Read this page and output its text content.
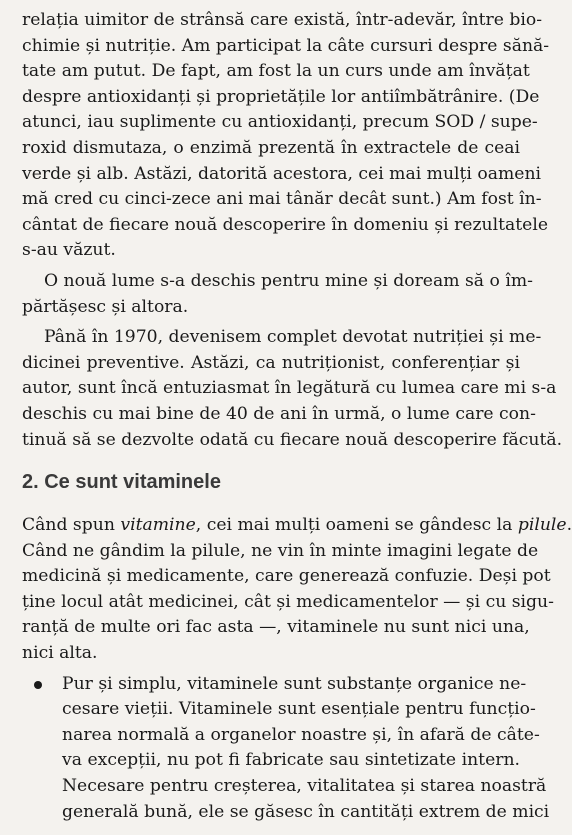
relația uimitor de strânsă care există, într-adevăr, între bio-
chimie și nutriție. Am participat la câte cursuri despre sănă-
tate am putut. De fapt, am fost la un curs unde am învățat
despre antioxidanți și proprietățile lor antiîmbătrânire. (De
atunci, iau suplimente cu antioxidanți, precum SOD / supe-
roxid dismutaza, o enzimă prezentă în extractele de ceai
verde și alb. Astăzi, datorită acestora, cei mai mulți oameni
mă cred cu cinci-zece ani mai tânăr decât sunt.) Am fost în-
cântat de fiecare nouă descoperire în domeniu și rezultatele
s-au văzut.
O nouă lume s-a deschis pentru mine și doream să o îm-
părtășesc și altora.
Până în 1970, devenisem complet devotat nutriției și me-
dicinei preventive. Astăzi, ca nutriționist, conferențiar și
autor, sunt încă entuziasmat în legătură cu lumea care mi s-a
deschis cu mai bine de 40 de ani în urmă, o lume care con-
tinuă să se dezvolte odată cu fiecare nouă descoperire făcută.
2. Ce sunt vitaminele
Când spun vitamine, cei mai mulți oameni se gândesc la pilule.
Când ne gândim la pilule, ne vin în minte imagini legate de
medicină și medicamente, care generează confuzie. Deși pot
ține locul atât medicinei, cât și medicamentelor — și cu sigu-
ranță de multe ori fac asta —, vitaminele nu sunt nici una,
nici alta.
Pur și simplu, vitaminele sunt substanțe organice ne-
cesare vieții. Vitaminele sunt esențiale pentru funcțio-
narea normală a organelor noastre și, în afară de câte-
va excepții, nu pot fi fabricate sau sintetizate intern.
Necesare pentru creșterea, vitalitatea și starea noastră
generală bună, ele se găsesc în cantități extrem de mici
